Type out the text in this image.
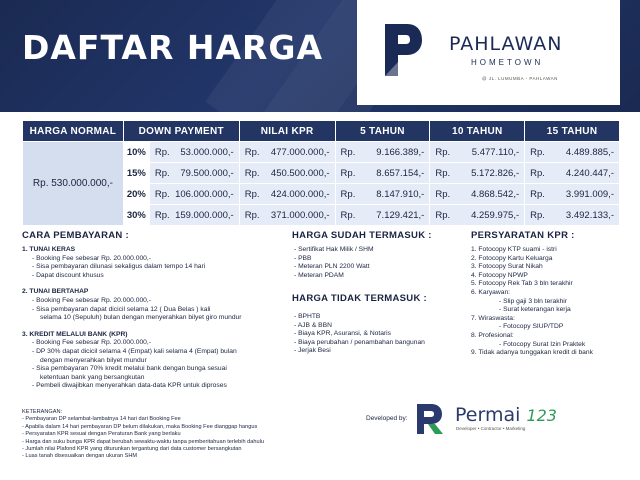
DAFTAR HARGA	PAHLAWAN
HOMETOWN
@ JL. LUMUMBA - PAHLAWAN
HARGA NORMAL	DOWN PAYMENT		NILAI KPR	5 TAHUN	10 TAHUN	15 TAHUN
Rp. 530.000.000,-	10%	Rp. 53.000.000,-	Rp. 477.000.000,-	Rp. 9.166.389,-	Rp. 5.477.110,-	Rp. 4.489.885,-

	15%	Rp. 79.500.000,-	Rp. 450.500.000,-	Rp. 8.657.154,-	Rp. 5.172.826,-	Rp. 4.240.447,-

	20%	Rp. 106.000.000,-	Rp. 424.000.000,-	Rp. 8.147.910,-	Rp. 4.868.542,-	Rp. 3.991.009,-

	30%	Rp. 159.000.000,-	Rp. 371.000.000,-	Rp. 7.129.421,-	Rp. 4.259.975,-	Rp. 3.492.133,-
CARA PEMBAYARAN :
1. TUNAI KERAS
- Booking Fee sebesar Rp. 20.000.000,-
- Sisa pembayaran dilunasi sekaligus dalam tempo 14 hari
- Dapat discount khusus
2. TUNAI BERTAHAP
- Booking Fee sebesar Rp. 20.000.000,-
- Sisa pembayaran dapat dicicil selama 12 ( Dua Belas ) kali
selama 10 (Sepuluh) bulan dengan menyerahkan bilyet giro mundur
3. KREDIT MELALUI BANK (KPR)
- Booking Fee sebesar Rp. 20.000.000,-
- DP 30% dapat dicicil selama 4 (Empat) kali selama 4 (Empat) bulan
dengan menyerahkan bilyet mundur
- Sisa pembayaran 70% kredit melalui bank dengan bunga sesuai
ketentuan bank yang bersangkutan
- Pembeli diwajibkan menyerahkan data-data KPR untuk diproses
HARGA SUDAH TERMASUK :
- Sertifikat Hak Milik / SHM
- PBB
- Meteran PLN 2200 Watt
- Meteran PDAM
HARGA TIDAK TERMASUK :
- BPHTB
- AJB & BBN
- Biaya KPR, Asuransi, & Notaris
- Biaya perubahan / penambahan bangunan
- Jerjak Besi
PERSYARATAN KPR :
1. Fotocopy KTP suami - istri
2. Fotocopy Kartu Keluarga
3. Fotocopy Surat Nikah
4. Fotocopy NPWP
5. Fotocopy Rek Tab 3 bln terakhir
6. Karyawan:
- Slip gaji 3 bln terakhir
- Surat keterangan kerja
7. Wiraswasta:
- Fotocopy SIUP/TDP
8. Profesional:
- Fotocopy Surat Izin Praktek
9. Tidak adanya tunggakan kredit di bank
KETERANGAN:
- Pembayaran DP selambat-lambatnya 14 hari dari Booking Fee
- Apabila dalam 14 hari pembayaran DP belum dilakukan, maka Booking Fee dianggap hangus
- Persyaratan KPR sesuai dengan Peraturan Bank yang berlaku
- Harga dan suku bunga KPR dapat berubah sewaktu-waktu tanpa pemberitahuan terlebih dahulu
- Jumlah nilai Plafond KPR yang diturunkan tergantung dari data customer bersangkutan
- Luas tanah disesuaikan dengan ukuran SHM
Developed by: Permai 123
Developer • Contractor • Marketing
